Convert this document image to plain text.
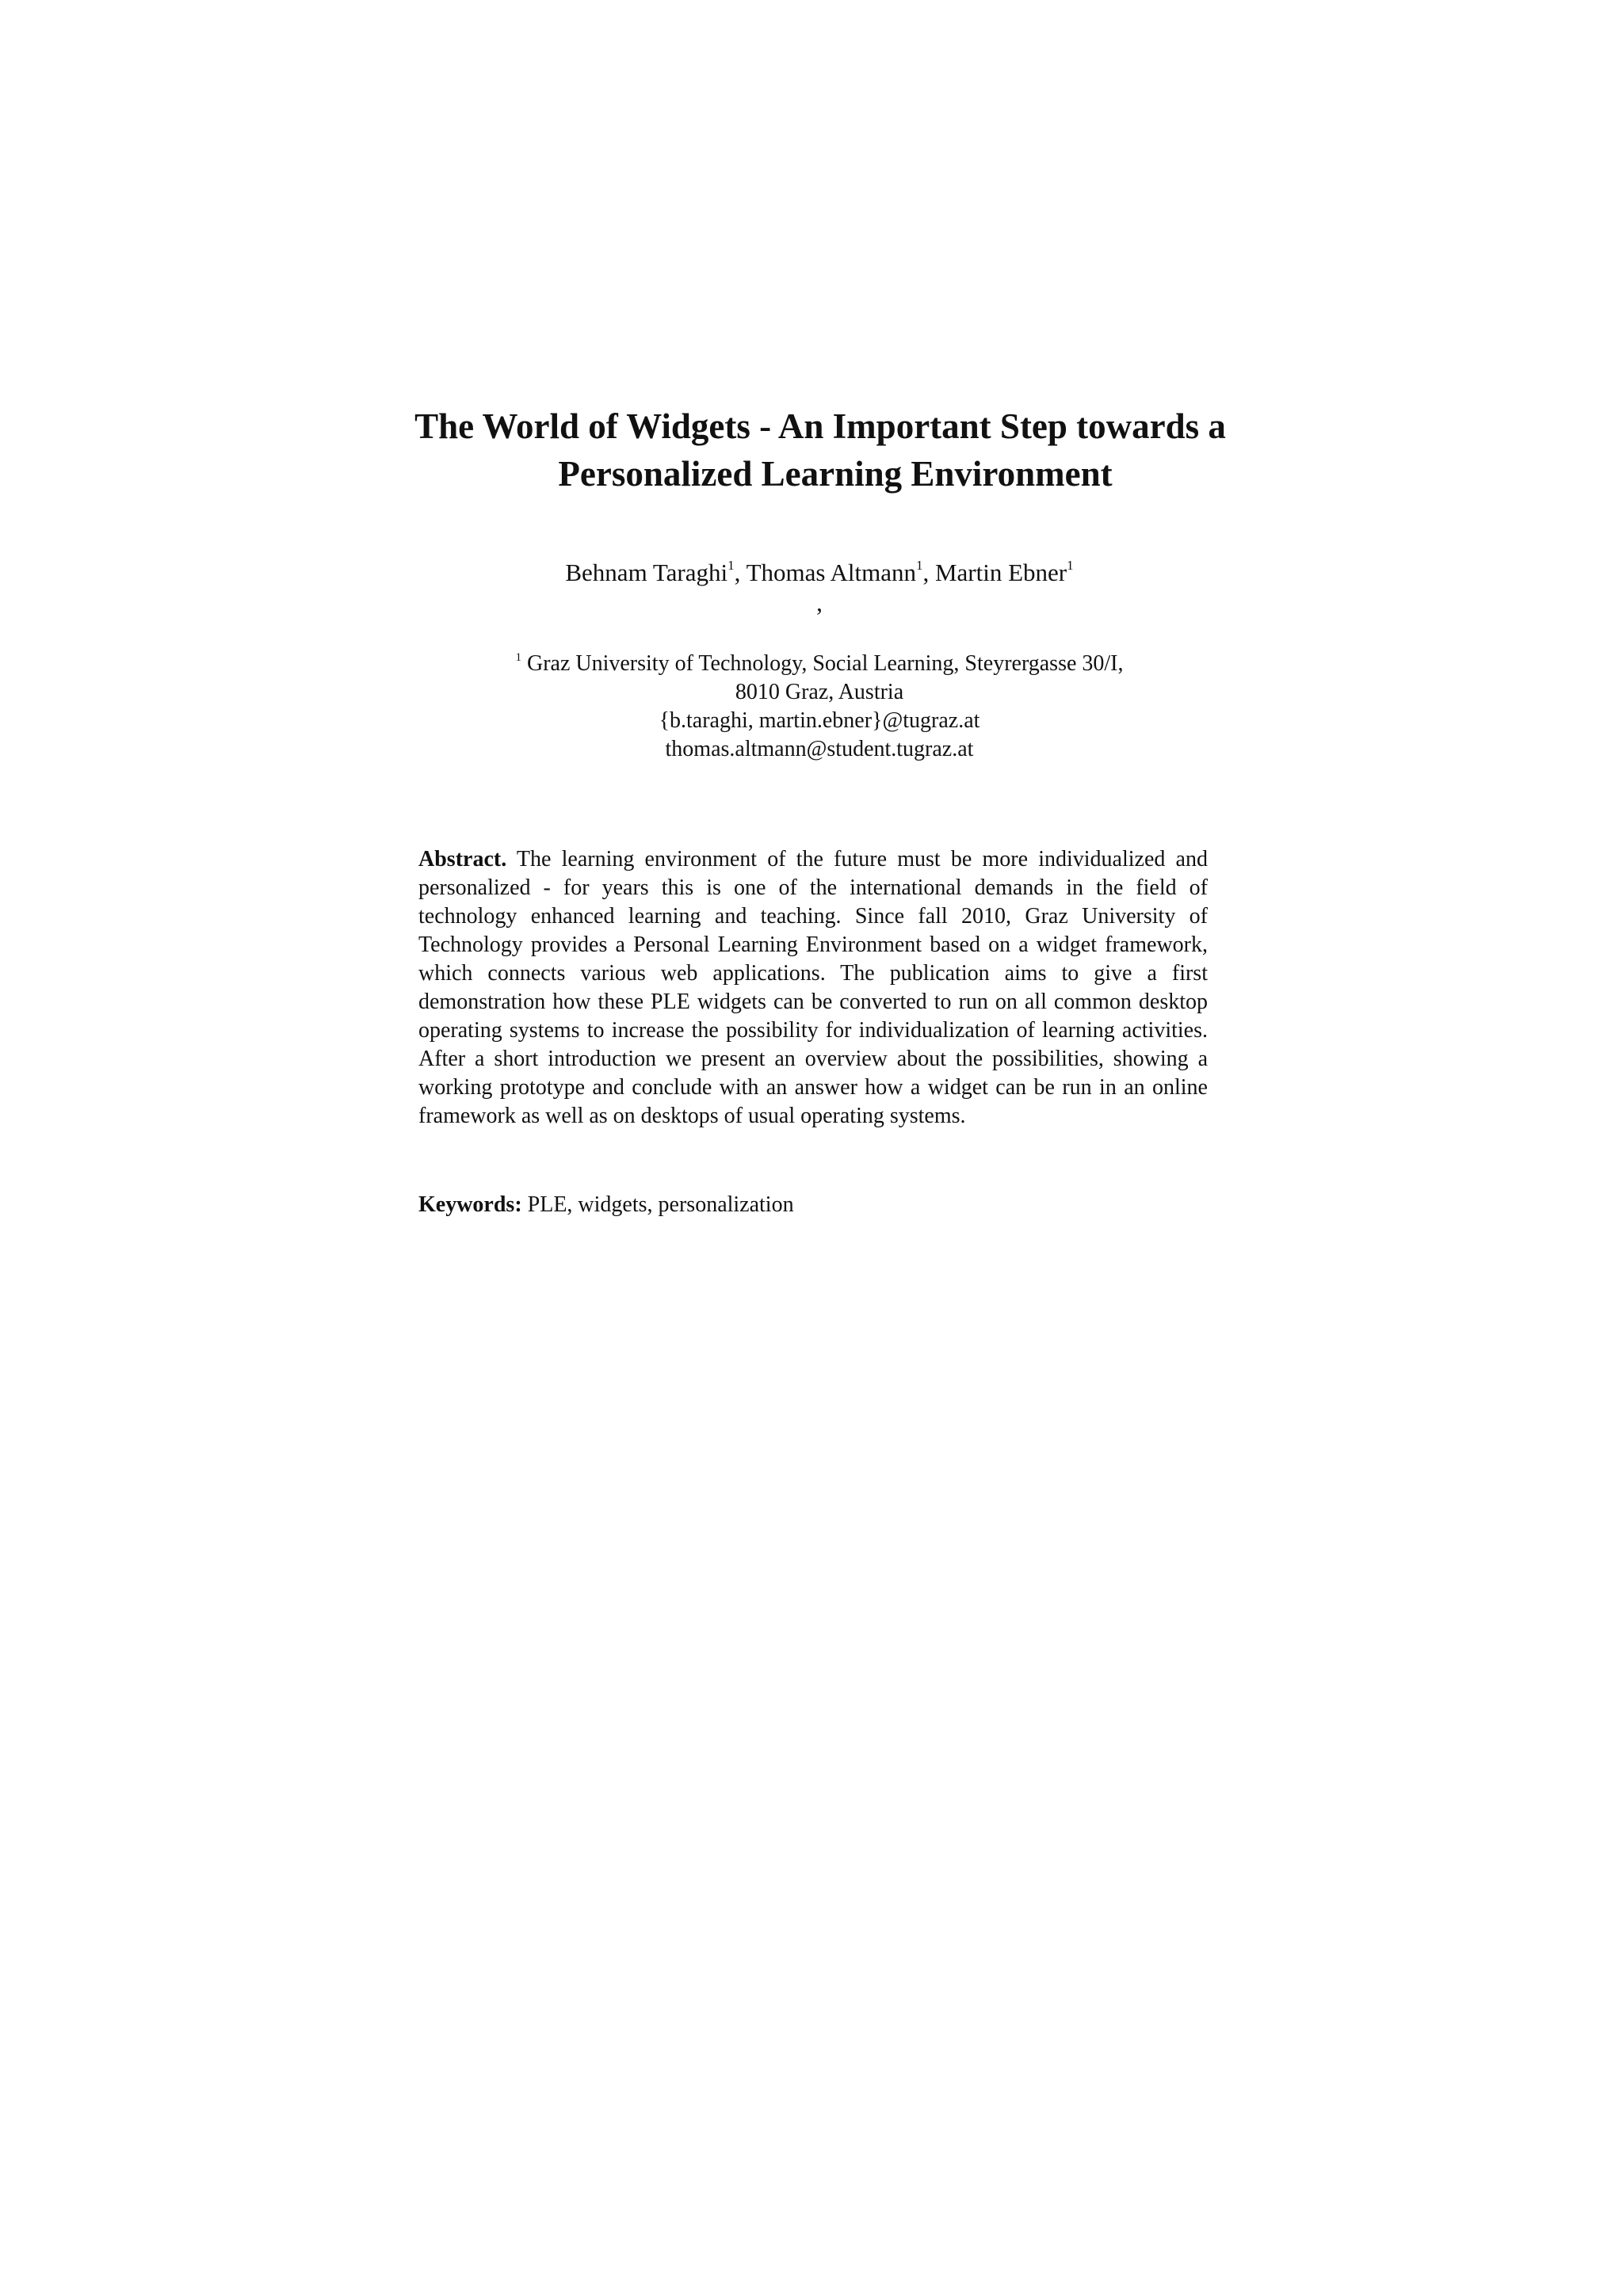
The World of Widgets - An Important Step towards a
Personalized Learning Environment
Behnam Taraghi$^1$, Thomas Altmann$^1$, Martin Ebner$^1$
,
$^1$ Graz University of Technology, Social Learning, Steyrergasse 30/I,
8010 Graz, Austria
{b.taraghi, martin.ebner}@tugraz.at
thomas.altmann@student.tugraz.at

Abstract. The learning environment of the future must be more individualized and personalized - for years this is one of the international demands in the field of technology enhanced learning and teaching. Since fall 2010, Graz University of Technology provides a Personal Learning Environment based on a widget framework, which connects various web applications. The publication aims to give a first demonstration how these PLE widgets can be converted to run on all common desktop operating systems to increase the possibility for individualization of learning activities. After a short introduction we present an overview about the possibilities, showing a working prototype and conclude with an answer how a widget can be run in an online framework as well as on desktops of usual operating systems.

Keywords: PLE, widgets, personalization
